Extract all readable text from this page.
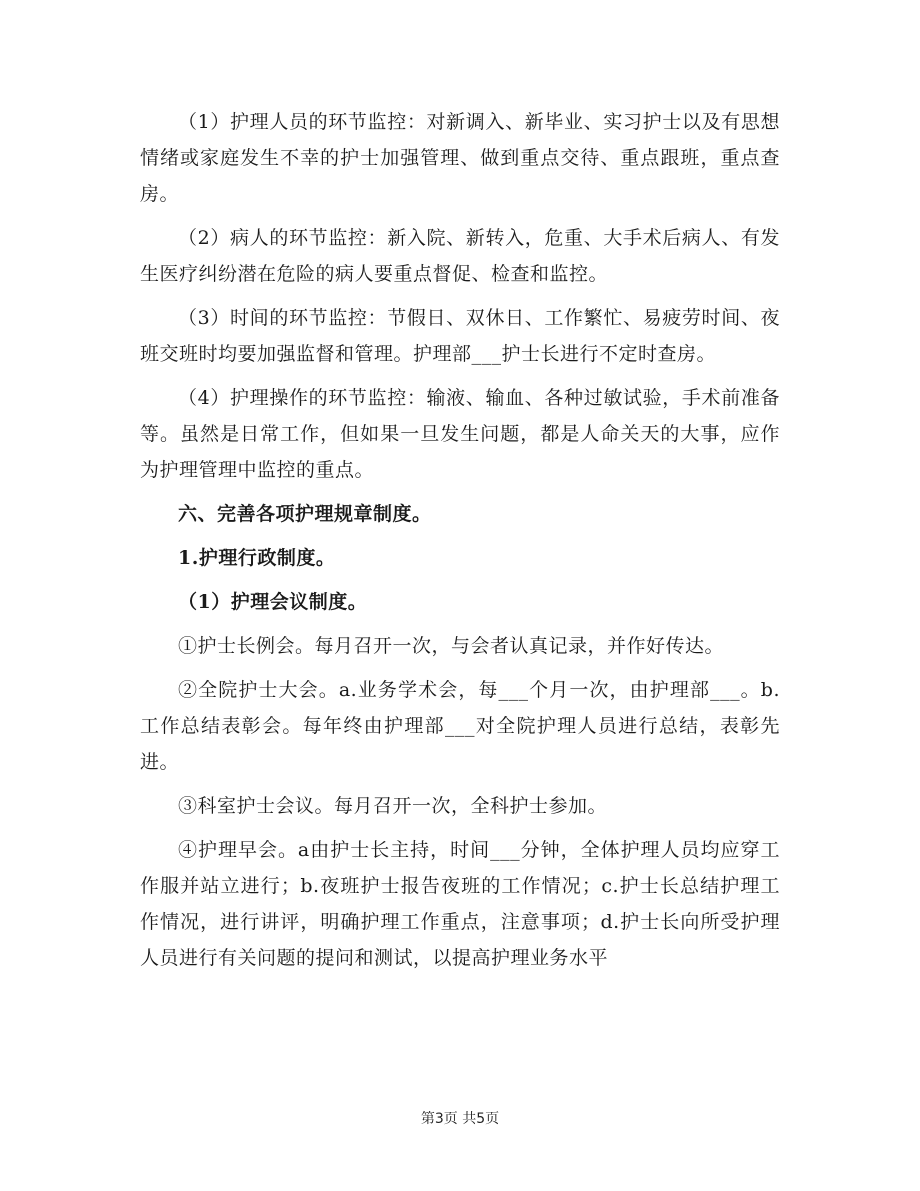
（1）护理人员的环节监控：对新调入、新毕业、实习护士以及有思想情绪或家庭发生不幸的护士加强管理、做到重点交待、重点跟班，重点查房。

（2）病人的环节监控：新入院、新转入，危重、大手术后病人、有发生医疗纠纷潜在危险的病人要重点督促、检查和监控。

（3）时间的环节监控：节假日、双休日、工作繁忙、易疲劳时间、夜班交班时均要加强监督和管理。护理部___护士长进行不定时查房。

（4）护理操作的环节监控：输液、输血、各种过敏试验，手术前准备等。虽然是日常工作，但如果一旦发生问题，都是人命关天的大事，应作为护理管理中监控的重点。

六、完善各项护理规章制度。

1.护理行政制度。

（1）护理会议制度。

①护士长例会。每月召开一次，与会者认真记录，并作好传达。

②全院护士大会。a.业务学术会，每___个月一次，由护理部___。b.工作总结表彰会。每年终由护理部___对全院护理人员进行总结，表彰先进。

③科室护士会议。每月召开一次，全科护士参加。

④护理早会。a由护士长主持，时间___分钟，全体护理人员均应穿工作服并站立进行；b.夜班护士报告夜班的工作情况；c.护士长总结护理工作情况，进行讲评，明确护理工作重点，注意事项；d.护士长向所受护理人员进行有关问题的提问和测试，以提高护理业务水平

第3页 共5页
